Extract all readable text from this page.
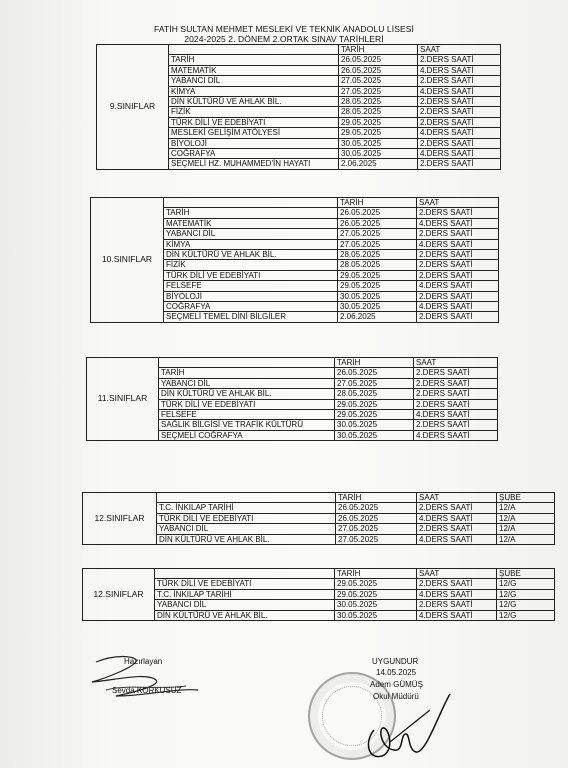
FATİH SULTAN MEHMET MESLEKİ VE TEKNİK ANADOLU LİSESİ
2024-2025 2. DÖNEM 2.ORTAK SINAV TARİHLERİ
9.SINIFLAR		TARİH	SAAT
	TARİH	26.05.2025	2.DERS SAATİ
	MATEMATİK	26.05.2025	4.DERS SAATİ
	YABANCI DİL	27.05.2025	2.DERS SAATİ
	KİMYA	27.05.2025	4.DERS SAATİ
	DİN KÜLTÜRÜ VE AHLAK BİL.	28.05.2025	2.DERS SAATİ
	FİZİK	28.05.2025	2.DERS SAATİ
	TÜRK DİLİ VE EDEBİYATI	29.05.2025	2.DERS SAATİ
	MESLEKİ GELİŞİM ATÖLYESİ	29.05.2025	4.DERS SAATİ
	BİYOLOJİ	30.05.2025	2.DERS SAATİ
	COĞRAFYA	30.05.2025	4.DERS SAATİ
	SEÇMELİ HZ. MUHAMMED'İN HAYATI	2.06.2025	2.DERS SAATİ
10.SINIFLAR		TARİH	SAAT
	TARİH	26.05.2025	2.DERS SAATİ
	MATEMATİK	26.05.2025	4.DERS SAATİ
	YABANCI DİL	27.05.2025	2.DERS SAATİ
	KİMYA	27.05.2025	4.DERS SAATİ
	DİN KÜLTÜRÜ VE AHLAK BİL.	28.05.2025	2.DERS SAATİ
	FİZİK	28.05.2025	2.DERS SAATİ
	TÜRK DİLİ VE EDEBİYATI	29.05.2025	2.DERS SAATİ
	FELSEFE	29.05.2025	4.DERS SAATİ
	BİYOLOJİ	30.05.2025	2.DERS SAATİ
	COĞRAFYA	30.05.2025	4.DERS SAATİ
	SEÇMELİ TEMEL DİNİ BİLGİLER	2.06.2025	2.DERS SAATİ
11.SINIFLAR		TARİH	SAAT
	TARİH	26.05.2025	2.DERS SAATİ
	YABANCI DİL	27.05.2025	2.DERS SAATİ
	DİN KÜLTÜRÜ VE AHLAK BİL.	28.05.2025	2.DERS SAATİ
	TÜRK DİLİ VE EDEBİYATI	29.05.2025	2.DERS SAATİ
	FELSEFE	29.05.2025	4.DERS SAATİ
	SAĞLIK BİLGİSİ VE TRAFİK KÜLTÜRÜ	30.05.2025	2.DERS SAATİ
	SEÇMELİ COĞRAFYA	30.05.2025	4.DERS SAATİ
12.SINIFLAR		TARİH	SAAT	ŞUBE
	T.C. İNKILAP TARİHİ	26.05.2025	2.DERS SAATİ	12/A
	TÜRK DİLİ VE EDEBİYATI	26.05.2025	4.DERS SAATİ	12/A
	YABANCI DİL	27.05.2025	2.DERS SAATİ	12/A
	DİN KÜLTÜRÜ VE AHLAK BİL.	27.05.2025	4.DERS SAATİ	12/A
12.SINIFLAR		TARİH	SAAT	ŞUBE
	TÜRK DİLİ VE EDEBİYATI	29.05.2025	2.DERS SAATİ	12/G
	T.C. İNKILAP TARİHİ	29.05.2025	4.DERS SAATİ	12/G
	YABANCI DİL	30.05.2025	2.DERS SAATİ	12/G
	DİN KÜLTÜRÜ VE AHLAK BİL.	30.05.2025	4.DERS SAATİ	12/G
Hazırlayan
Sevda KORKUSUZ
UYGUNDUR
14.05.2025
Adem GÜMÜŞ
Okul Müdürü
